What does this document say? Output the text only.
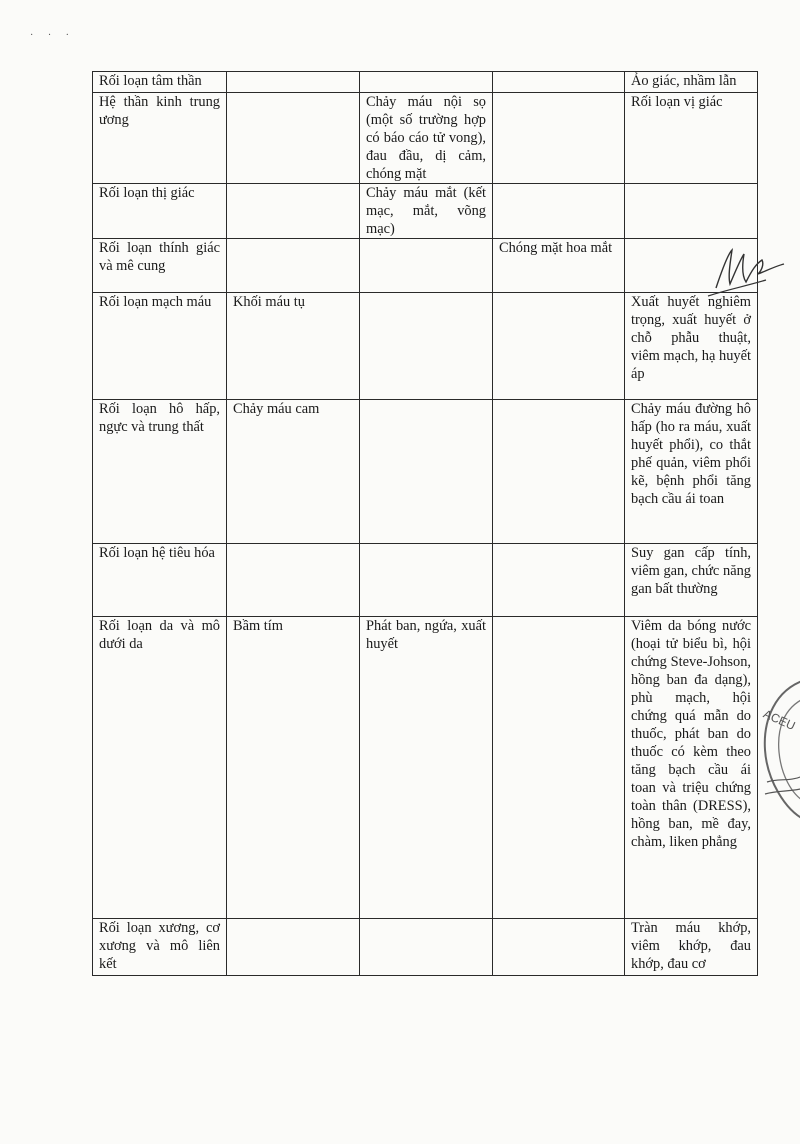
· · ·
Rối loạn tâm thần				Ảo giác, nhầm lẫn
Hệ thần kinh trung ương		Chảy máu nội sọ (một số trường hợp có báo cáo tử vong), đau đầu, dị cảm, chóng mặt		Rối loạn vị giác
Rối loạn thị giác		Chảy máu mắt (kết mạc, mắt, võng mạc)		
Rối loạn thính giác và mê cung			Chóng mặt hoa mắt	
Rối loạn mạch máu	Khối máu tụ			Xuất huyết nghiêm trọng, xuất huyết ở chỗ phẫu thuật, viêm mạch, hạ huyết áp
Rối loạn hô hấp, ngực và trung thất	Chảy máu cam			Chảy máu đường hô hấp (ho ra máu, xuất huyết phổi), co thắt phế quản, viêm phổi kẽ, bệnh phổi tăng bạch cầu ái toan
Rối loạn hệ tiêu hóa				Suy gan cấp tính, viêm gan, chức năng gan bất thường
Rối loạn da và mô dưới da	Bầm tím	Phát ban, ngứa, xuất huyết		Viêm da bóng nước (hoại tử biểu bì, hội chứng Steve-Johson, hồng ban đa dạng), phù mạch, hội chứng quá mẫn do thuốc, phát ban do thuốc có kèm theo tăng bạch cầu ái toan và triệu chứng toàn thân (DRESS), hồng ban, mề đay, chàm, liken phẳng
Rối loạn xương, cơ xương và mô liên kết				Tràn máu khớp, viêm khớp, đau khớp, đau cơ
ACEU
